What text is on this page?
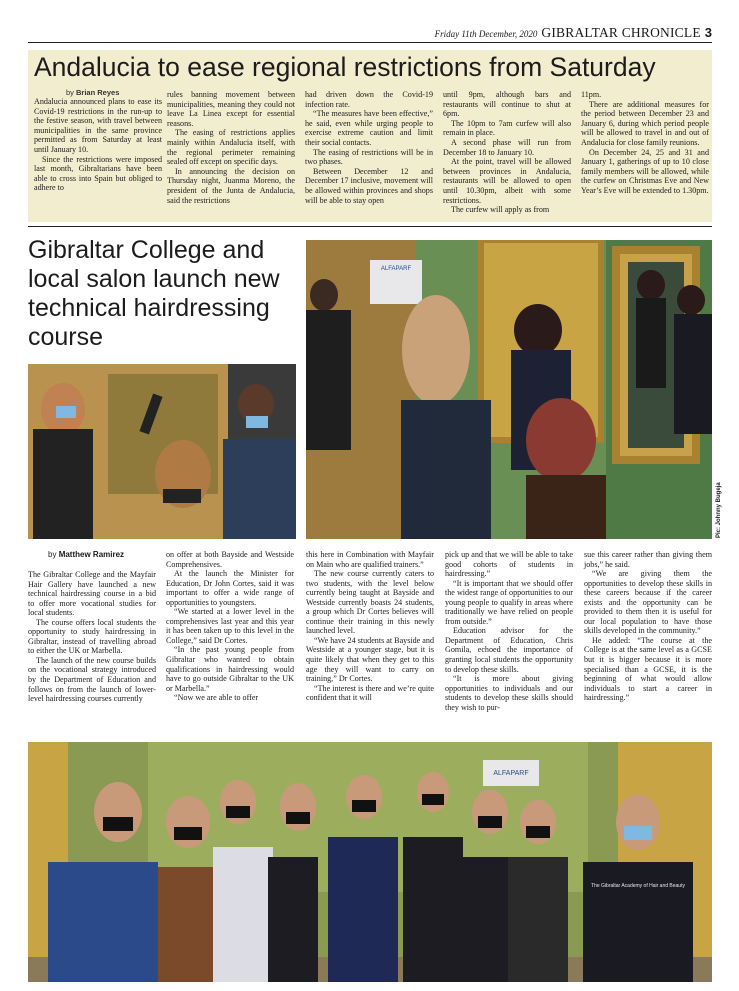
Friday 11th December, 2020 GIBRALTAR CHRONICLE 3
Andalucia to ease regional restrictions from Saturday
by Brian Reyes

Andalucia announced plans to ease its Covid-19 restrictions in the run-up to the festive season, with travel between municipalities in the same province permitted as from Saturday at least until January 10.

Since the restrictions were imposed last month, Gibraltarians have been able to cross into Spain but obliged to adhere to

rules banning movement between municipalities, meaning they could not leave La Linea except for essential reasons.

The easing of restrictions applies mainly within Andalucia itself, with the regional perimeter remaining sealed off except on specific days.

In announcing the decision on Thursday night, Juanma Moreno, the president of the Junta de Andalucia, said the restrictions

had driven down the Covid-19 infection rate.

“The measures have been effective,” he said, even while urging people to exercise extreme caution and limit their social contacts.

The easing of restrictions will be in two phases.

Between December 12 and December 17 inclusive, movement will be allowed within provinces and shops will be able to stay open

until 9pm, although bars and restaurants will continue to shut at 6pm.

The 10pm to 7am curfew will also remain in place.

A second phase will run from December 18 to January 10.

At the point, travel will be allowed between provinces in Andalucia, restaurants will be allowed to open until 10.30pm, albeit with some restrictions.

The curfew will apply as from

11pm.

There are additional measures for the period between December 23 and January 6, during which period people will be allowed to travel in and out of Andalucia for close family reunions.

On December 24, 25 and 31 and January 1, gatherings of up to 10 close family members will be allowed, while the curfew on Christmas Eve and New Year’s Eve will be extended to 1.30pm.

Gibraltar College and local salon launch new technical hairdressing course
ALFAPARF
Pic: Johnny Bugeja
by Matthew Ramirez

The Gibraltar College and the Mayfair Hair Gallery have launched a new technical hairdressing course in a bid to offer more vocational studies for local students.

The course offers local students the opportunity to study hairdressing in Gibraltar, instead of travelling abroad to either the UK or Marbella.

The launch of the new course builds on the vocational strategy introduced by the Department of Education and follows on from the launch of lower-level hairdressing courses currently

on offer at both Bayside and Westside Comprehensives.

At the launch the Minister for Education, Dr John Cortes, said it was important to offer a wide range of opportunities to youngsters.

“We started at a lower level in the comprehensives last year and this year it has been taken up to this level in the College,” said Dr Cortes.

“In the past young people from Gibraltar who wanted to obtain qualifications in hairdressing would have to go outside Gibraltar to the UK or Marbella.”

“Now we are able to offer

this here in Combination with Mayfair on Main who are qualified trainers.”

The new course currently caters to two students, with the level below currently being taught at Bayside and Westside currently boasts 24 students, a group which Dr Cortes believes will continue their training in this newly launched level.

“We have 24 students at Bayside and Westside at a younger stage, but it is quite likely that when they get to this age they will want to carry on training,” Dr Cortes.

“The interest is there and we’re quite confident that it will

pick up and that we will be able to take good cohorts of students in hairdressing.”

“It is important that we should offer the widest range of opportunities to our young people to qualify in areas where traditionally we have relied on people from outside.”

Education advisor for the Department of Education, Chris Gomila, echoed the importance of granting local students the opportunity to develop these skills.

“It is more about giving opportunities to individuals and our students to develop these skills should they wish to pur-

sue this career rather than giving them jobs,” he said.

“We are giving them the opportunities to develop these skills in these careers because if the career exists and the opportunity can be provided to them then it is useful for our local population to have those skills developed in the community.”

He added: “The course at the College is at the same level as a GCSE but it is bigger because it is more specialised than a GCSE, it is the beginning of what would allow individuals to start a career in hairdressing.”

ALFAPARF
The Gibraltar Academy of Hair and Beauty
